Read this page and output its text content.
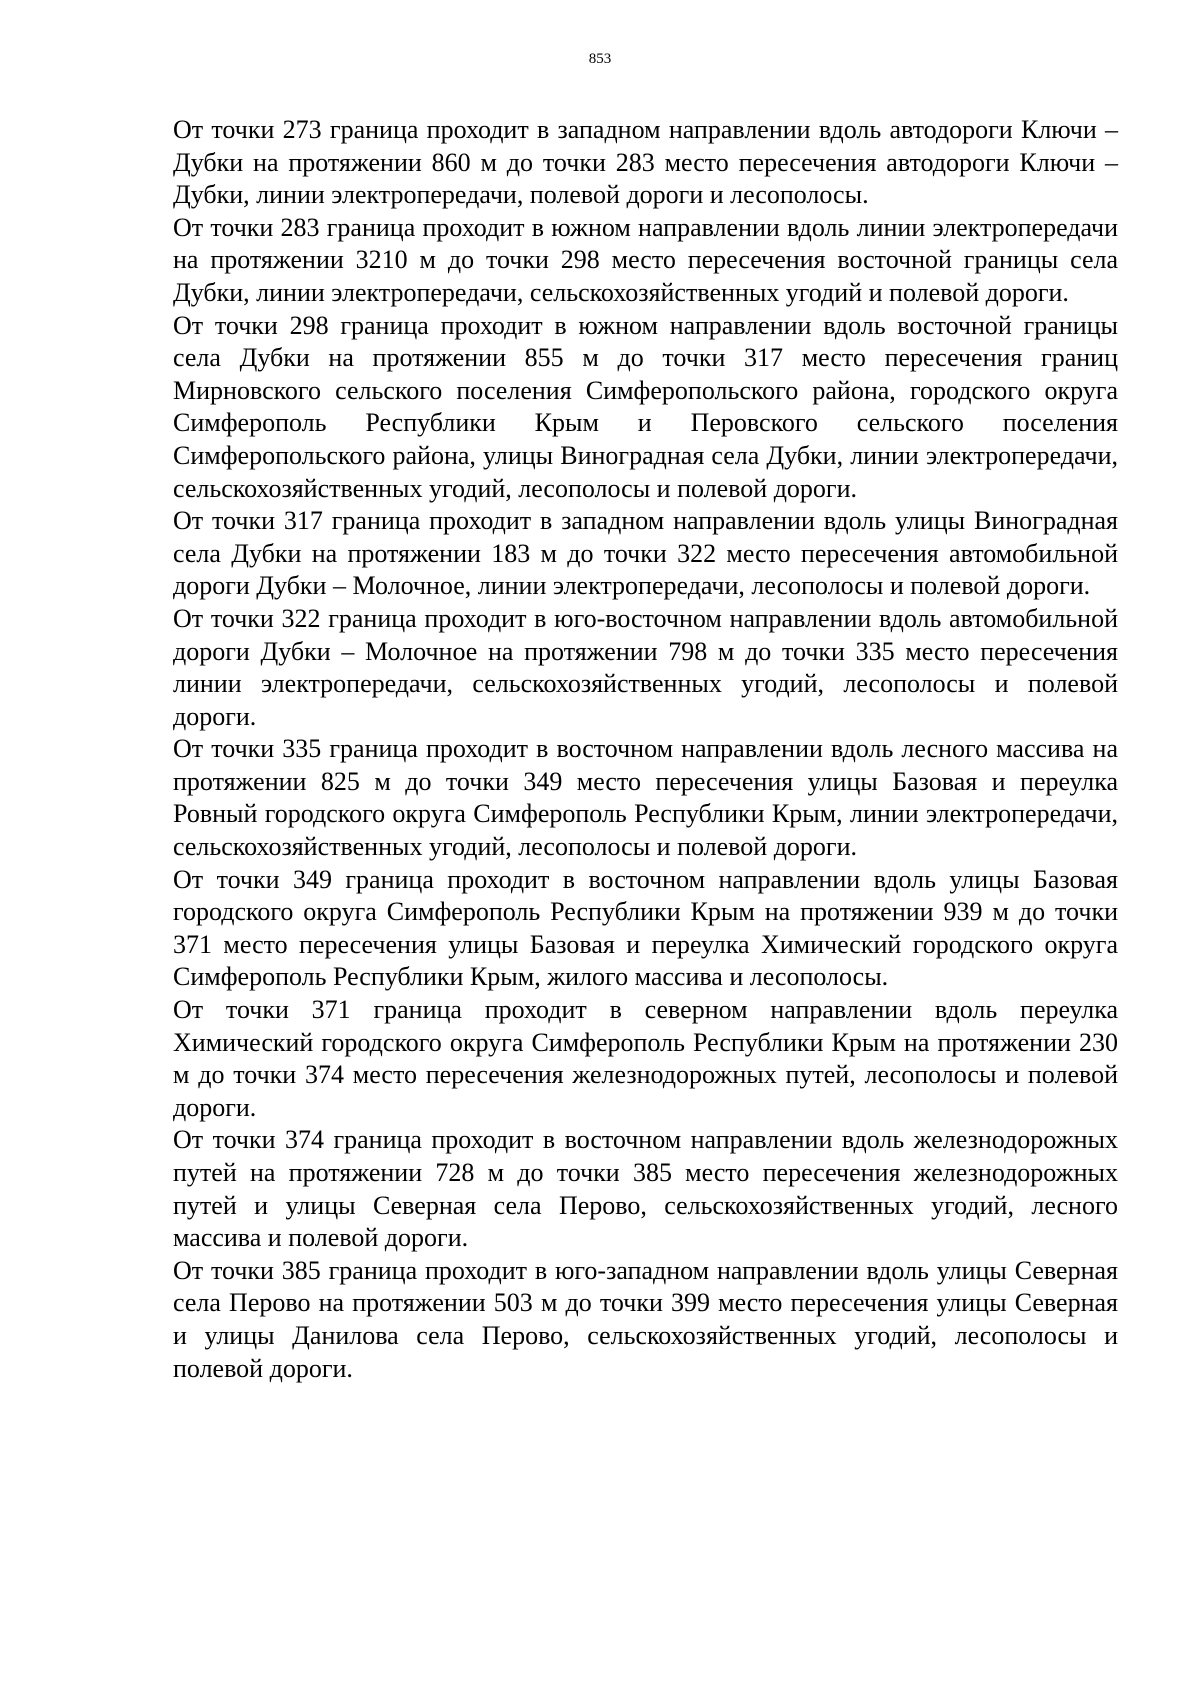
853

От точки 273 граница проходит в западном направлении вдоль автодороги Ключи – Дубки на протяжении 860 м до точки 283 место пересечения автодороги Ключи – Дубки, линии электропередачи, полевой дороги и лесополосы.

От точки 283 граница проходит в южном направлении вдоль линии электропередачи на протяжении 3210 м до точки 298 место пересечения восточной границы села Дубки, линии электропередачи, сельскохозяйственных угодий и полевой дороги.

От точки 298 граница проходит в южном направлении вдоль восточной границы села Дубки на протяжении 855 м до точки 317 место пересечения границ Мирновского сельского поселения Симферопольского района, городского округа Симферополь Республики Крым и Перовского сельского поселения Симферопольского района, улицы Виноградная села Дубки, линии электропередачи, сельскохозяйственных угодий, лесополосы и полевой дороги.

От точки 317 граница проходит в западном направлении вдоль улицы Виноградная села Дубки на протяжении 183 м до точки 322 место пересечения автомобильной дороги Дубки – Молочное, линии электропередачи, лесополосы и полевой дороги.

От точки 322 граница проходит в юго-восточном направлении вдоль автомобильной дороги Дубки – Молочное на протяжении 798 м до точки 335 место пересечения линии электропередачи, сельскохозяйственных угодий, лесополосы и полевой дороги.

От точки 335 граница проходит в восточном направлении вдоль лесного массива на протяжении 825 м до точки 349 место пересечения улицы Базовая и переулка Ровный городского округа Симферополь Республики Крым, линии электропередачи, сельскохозяйственных угодий, лесополосы и полевой дороги.

От точки 349 граница проходит в восточном направлении вдоль улицы Базовая городского округа Симферополь Республики Крым на протяжении 939 м до точки 371 место пересечения улицы Базовая и переулка Химический городского округа Симферополь Республики Крым, жилого массива и лесополосы.

От точки 371 граница проходит в северном направлении вдоль переулка Химический городского округа Симферополь Республики Крым на протяжении 230 м до точки 374 место пересечения железнодорожных путей, лесополосы и полевой дороги.

От точки 374 граница проходит в восточном направлении вдоль железнодорожных путей на протяжении 728 м до точки 385 место пересечения железнодорожных путей и улицы Северная села Перово, сельскохозяйственных угодий, лесного массива и полевой дороги.

От точки 385 граница проходит в юго-западном направлении вдоль улицы Северная села Перово на протяжении 503 м до точки 399 место пересечения улицы Северная и улицы Данилова села Перово, сельскохозяйственных угодий, лесополосы и полевой дороги.
